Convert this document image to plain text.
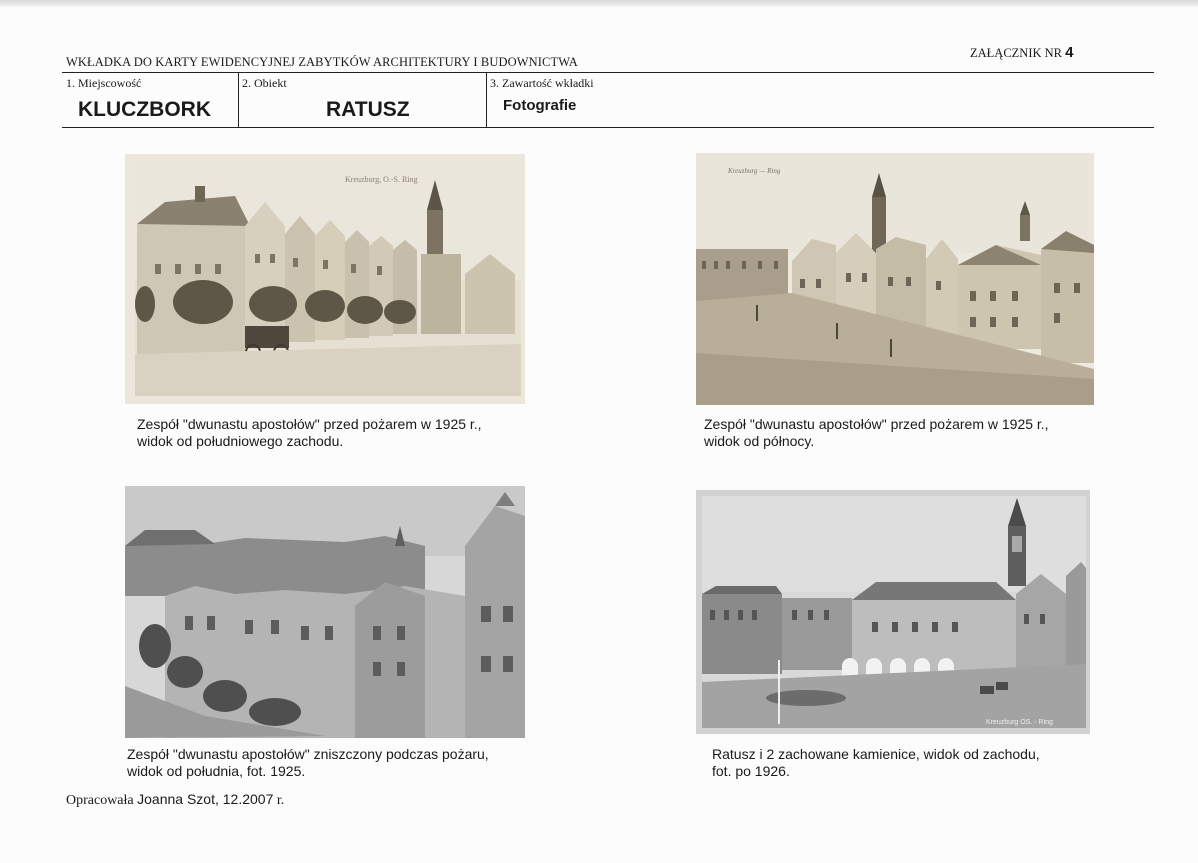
WKŁADKA DO KARTY EWIDENCYJNEJ ZABYTKÓW ARCHITEKTURY I BUDOWNICTWA
ZAŁĄCZNIK NR 4
1. Miejscowość
KLUCZBORK
2. Obiekt
RATUSZ
3. Zawartość wkładki
Fotografie
Kreuzburg, O.-S. Ring
Zespół "dwunastu apostołów" przed pożarem w 1925 r.,
widok od południowego zachodu.
Kreuzburg — Ring
Zespół "dwunastu apostołów" przed pożarem w 1925 r.,
widok od północy.
Zespół "dwunastu apostołów" zniszczony podczas pożaru,
widok od południa, fot. 1925.
Kreuzburg OS. - Ring
Ratusz i 2 zachowane kamienice, widok od zachodu,
fot. po 1926.
Opracowała Joanna Szot, 12.2007 r.
